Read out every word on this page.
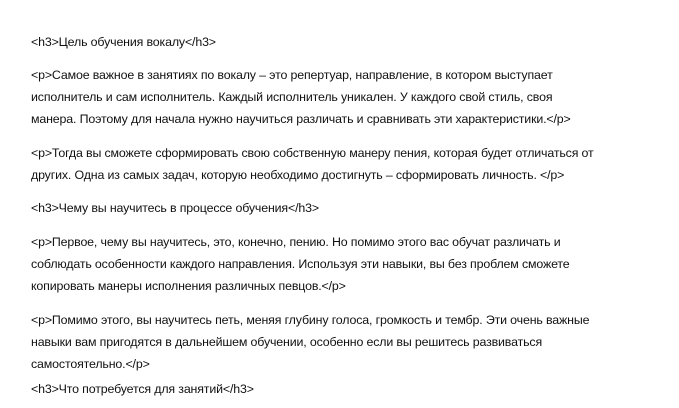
<h3>Цель обучения вокалу</h3>
<p>Самое важное в занятиях по вокалу – это репертуар, направление, в котором выступает
исполнитель и сам исполнитель. Каждый исполнитель уникален. У каждого свой стиль, своя
манера. Поэтому для начала нужно научиться различать и сравнивать эти характеристики.</p>
<p>Тогда вы сможете сформировать свою собственную манеру пения, которая будет отличаться от
других. Одна из самых задач, которую необходимо достигнуть – сформировать личность. </p>
<h3>Чему вы научитесь в процессе обучения</h3>
<p>Первое, чему вы научитесь, это, конечно, пению. Но помимо этого вас обучат различать и
соблюдать особенности каждого направления. Используя эти навыки, вы без проблем сможете
копировать манеры исполнения различных певцов.</p>
<p>Помимо этого, вы научитесь петь, меняя глубину голоса, громкость и тембр. Эти очень важные
навыки вам пригодятся в дальнейшем обучении, особенно если вы решитесь развиваться
самостоятельно.</p>
<h3>Что потребуется для занятий</h3>
